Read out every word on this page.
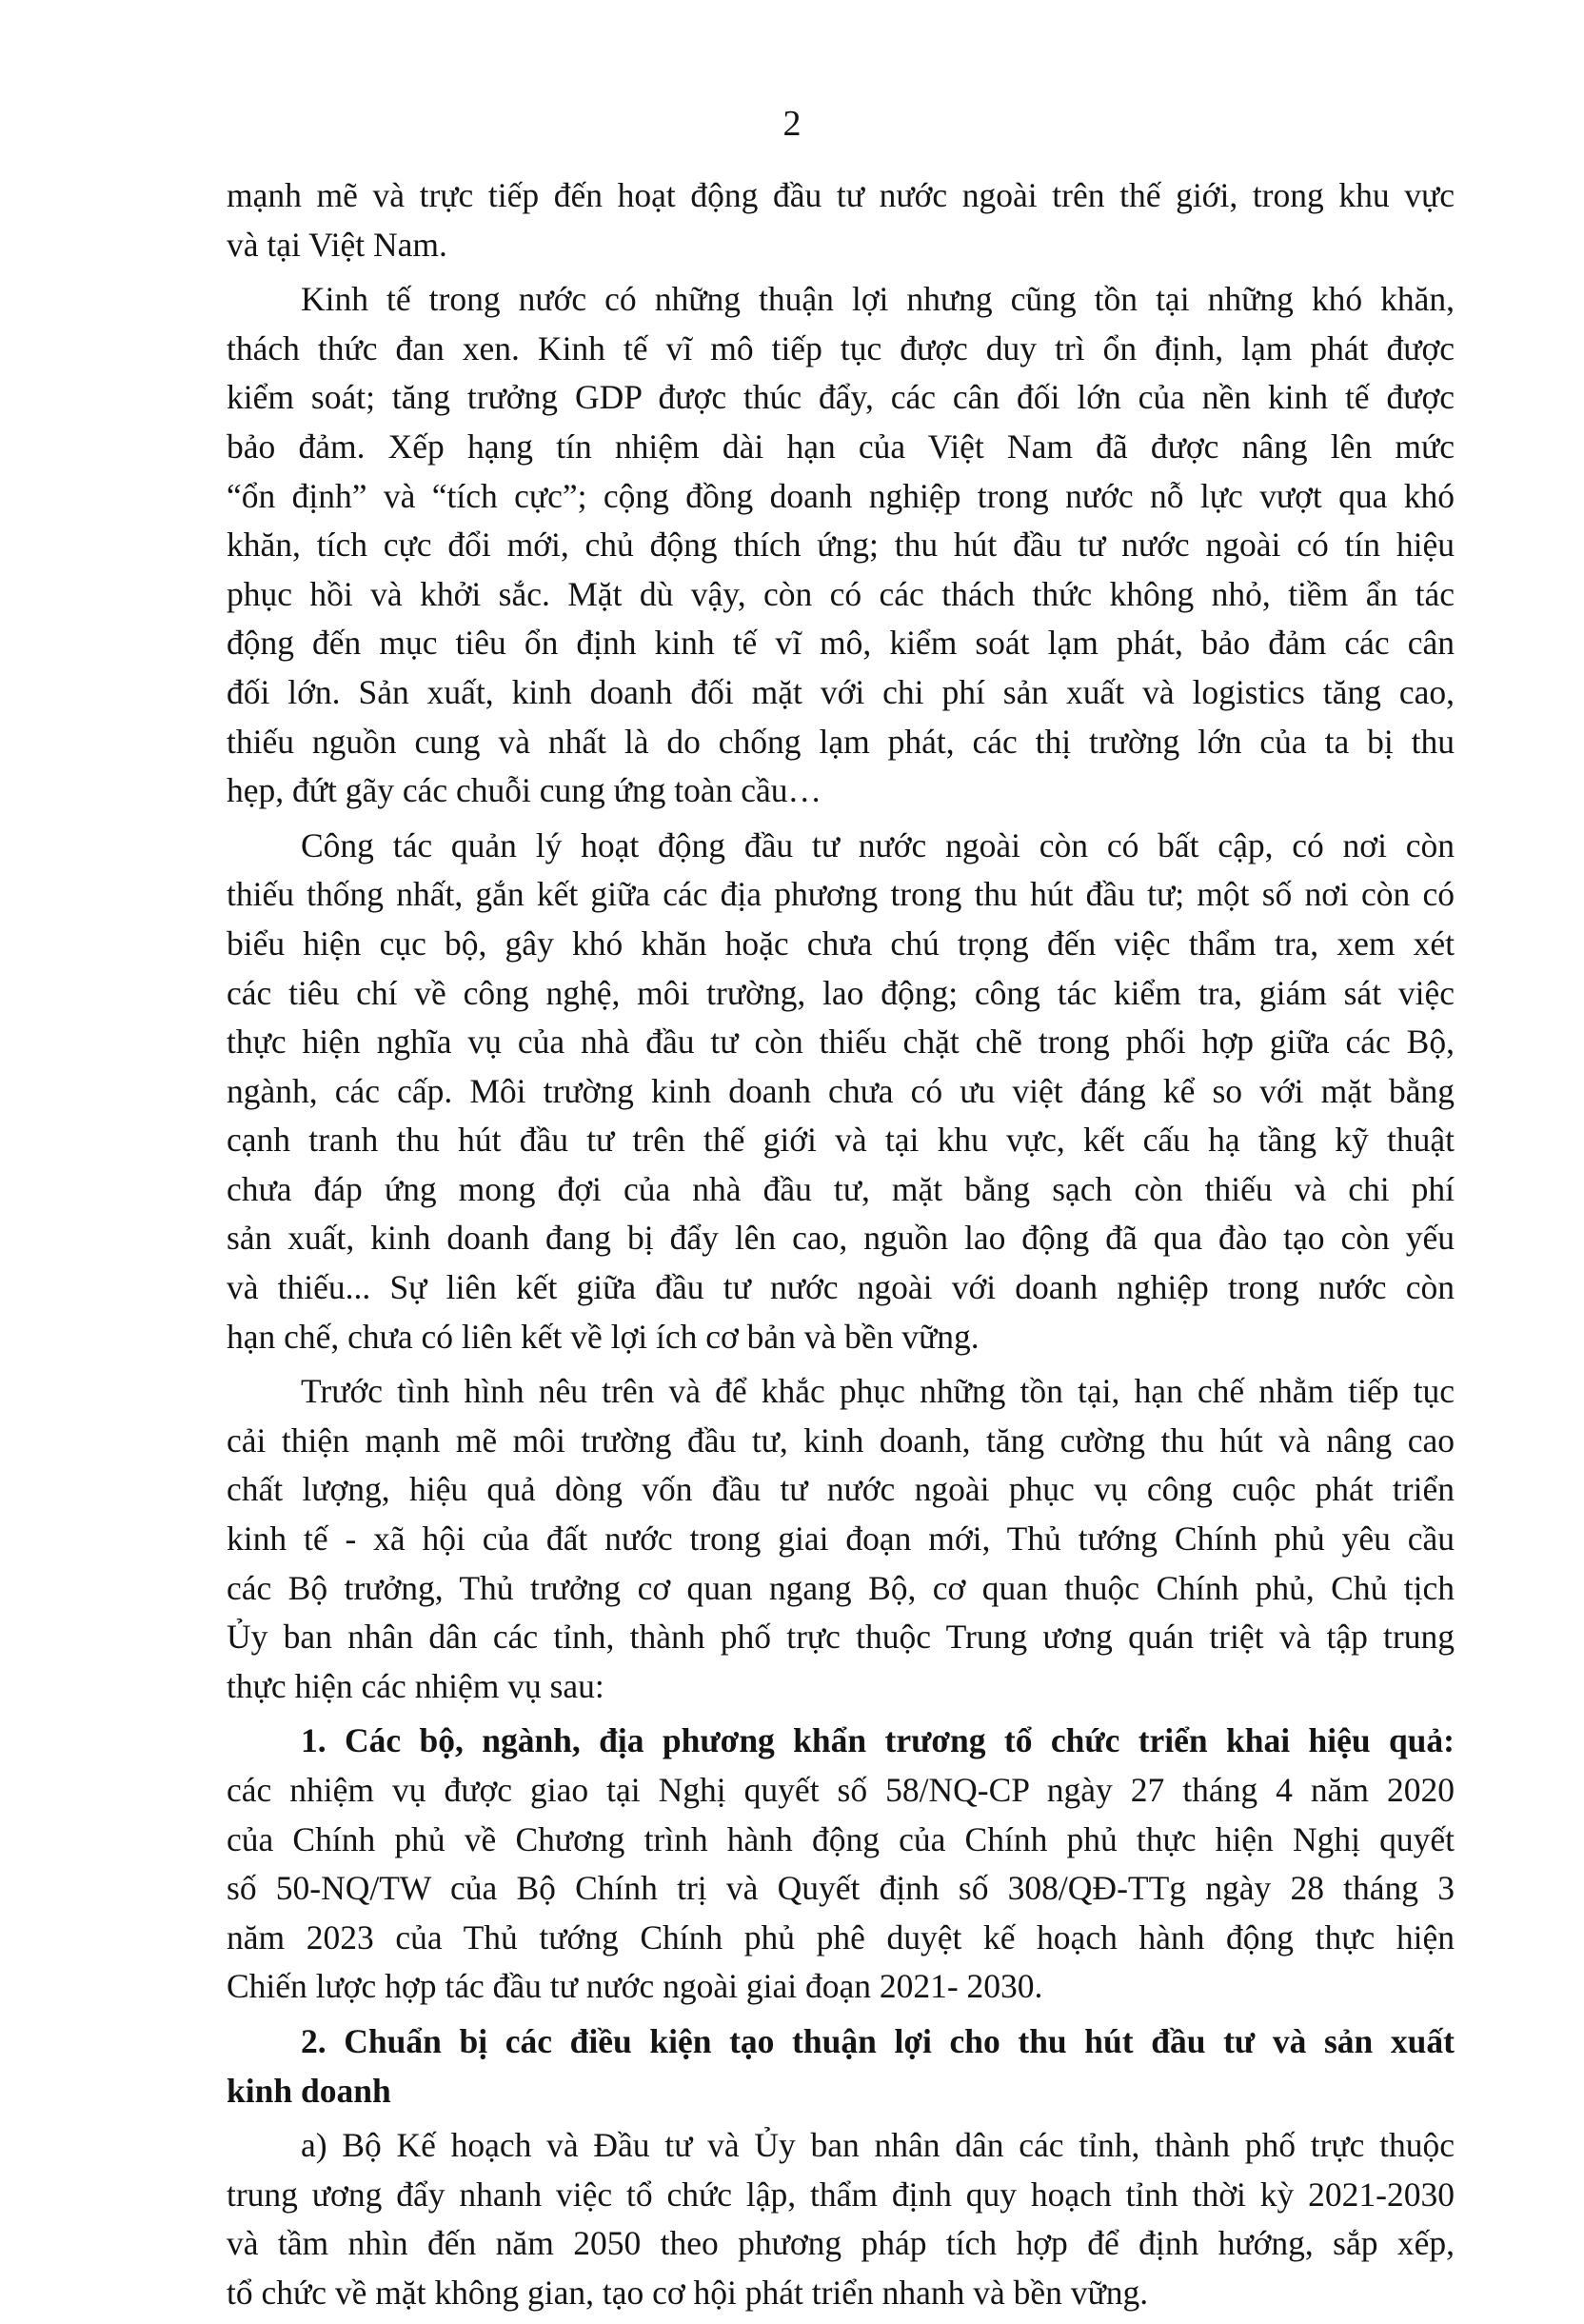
2
mạnh mẽ và trực tiếp đến hoạt động đầu tư nước ngoài trên thế giới, trong khu vực
và tại Việt Nam.
Kinh tế trong nước có những thuận lợi nhưng cũng tồn tại những khó khăn,
thách thức đan xen. Kinh tế vĩ mô tiếp tục được duy trì ổn định, lạm phát được
kiểm soát; tăng trưởng GDP được thúc đẩy, các cân đối lớn của nền kinh tế được
bảo đảm. Xếp hạng tín nhiệm dài hạn của Việt Nam đã được nâng lên mức
“ổn định” và “tích cực”; cộng đồng doanh nghiệp trong nước nỗ lực vượt qua khó
khăn, tích cực đổi mới, chủ động thích ứng; thu hút đầu tư nước ngoài có tín hiệu
phục hồi và khởi sắc. Mặt dù vậy, còn có các thách thức không nhỏ, tiềm ẩn tác
động đến mục tiêu ổn định kinh tế vĩ mô, kiểm soát lạm phát, bảo đảm các cân
đối lớn. Sản xuất, kinh doanh đối mặt với chi phí sản xuất và logistics tăng cao,
thiếu nguồn cung và nhất là do chống lạm phát, các thị trường lớn của ta bị thu
hẹp, đứt gãy các chuỗi cung ứng toàn cầu…
Công tác quản lý hoạt động đầu tư nước ngoài còn có bất cập, có nơi còn
thiếu thống nhất, gắn kết giữa các địa phương trong thu hút đầu tư; một số nơi còn có
biểu hiện cục bộ, gây khó khăn hoặc chưa chú trọng đến việc thẩm tra, xem xét
các tiêu chí về công nghệ, môi trường, lao động; công tác kiểm tra, giám sát việc
thực hiện nghĩa vụ của nhà đầu tư còn thiếu chặt chẽ trong phối hợp giữa các Bộ,
ngành, các cấp. Môi trường kinh doanh chưa có ưu việt đáng kể so với mặt bằng
cạnh tranh thu hút đầu tư trên thế giới và tại khu vực, kết cấu hạ tầng kỹ thuật
chưa đáp ứng mong đợi của nhà đầu tư, mặt bằng sạch còn thiếu và chi phí
sản xuất, kinh doanh đang bị đẩy lên cao, nguồn lao động đã qua đào tạo còn yếu
và thiếu... Sự liên kết giữa đầu tư nước ngoài với doanh nghiệp trong nước còn
hạn chế, chưa có liên kết về lợi ích cơ bản và bền vững.
Trước tình hình nêu trên và để khắc phục những tồn tại, hạn chế nhằm tiếp tục
cải thiện mạnh mẽ môi trường đầu tư, kinh doanh, tăng cường thu hút và nâng cao
chất lượng, hiệu quả dòng vốn đầu tư nước ngoài phục vụ công cuộc phát triển
kinh tế - xã hội của đất nước trong giai đoạn mới, Thủ tướng Chính phủ yêu cầu
các Bộ trưởng, Thủ trưởng cơ quan ngang Bộ, cơ quan thuộc Chính phủ, Chủ tịch
Ủy ban nhân dân các tỉnh, thành phố trực thuộc Trung ương quán triệt và tập trung
thực hiện các nhiệm vụ sau:
1. Các bộ, ngành, địa phương khẩn trương tổ chức triển khai hiệu quả:
các nhiệm vụ được giao tại Nghị quyết số 58/NQ-CP ngày 27 tháng 4 năm 2020
của Chính phủ về Chương trình hành động của Chính phủ thực hiện Nghị quyết
số 50-NQ/TW của Bộ Chính trị và Quyết định số 308/QĐ-TTg ngày 28 tháng 3
năm 2023 của Thủ tướng Chính phủ phê duyệt kế hoạch hành động thực hiện
Chiến lược hợp tác đầu tư nước ngoài giai đoạn 2021- 2030.
2. Chuẩn bị các điều kiện tạo thuận lợi cho thu hút đầu tư và sản xuất
kinh doanh
a) Bộ Kế hoạch và Đầu tư và Ủy ban nhân dân các tỉnh, thành phố trực thuộc
trung ương đẩy nhanh việc tổ chức lập, thẩm định quy hoạch tỉnh thời kỳ 2021-2030
và tầm nhìn đến năm 2050 theo phương pháp tích hợp để định hướng, sắp xếp,
tổ chức về mặt không gian, tạo cơ hội phát triển nhanh và bền vững.
